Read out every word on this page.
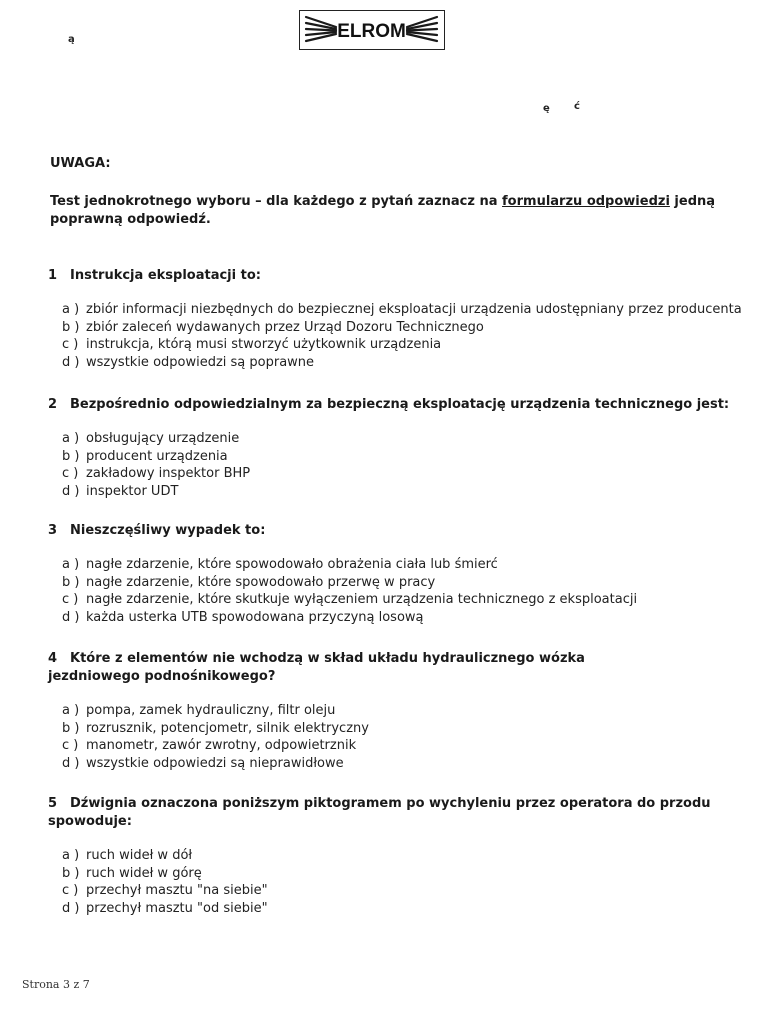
ą	ELROM
ę ć
UWAGA:
Test jednokrotnego wyboru – dla każdego z pytań zaznacz na formularzu odpowiedzi jedną poprawną odpowiedź.
1 Instrukcja eksploatacji to:
a ) zbiór informacji niezbędnych do bezpiecznej eksploatacji urządzenia udostępniany przez producenta
b ) zbiór zaleceń wydawanych przez Urząd Dozoru Technicznego
c ) instrukcja, którą musi stworzyć użytkownik urządzenia
d ) wszystkie odpowiedzi są poprawne
2 Bezpośrednio odpowiedzialnym za bezpieczną eksploatację urządzenia technicznego jest:
a ) obsługujący urządzenie
b ) producent urządzenia
c ) zakładowy inspektor BHP
d ) inspektor UDT
3 Nieszczęśliwy wypadek to:
a ) nagłe zdarzenie, które spowodowało obrażenia ciała lub śmierć
b ) nagłe zdarzenie, które spowodowało przerwę w pracy
c ) nagłe zdarzenie, które skutkuje wyłączeniem urządzenia technicznego z eksploatacji
d ) każda usterka UTB spowodowana przyczyną losową
4 Które z elementów nie wchodzą w skład układu hydraulicznego wózka jezdniowego podnośnikowego?
a ) pompa, zamek hydrauliczny, filtr oleju
b ) rozrusznik, potencjometr, silnik elektryczny
c ) manometr, zawór zwrotny, odpowietrznik
d ) wszystkie odpowiedzi są nieprawidłowe
5 Dźwignia oznaczona poniższym piktogramem po wychyleniu przez operatora do przodu spowoduje:
a ) ruch wideł w dół
b ) ruch wideł w górę
c ) przechył masztu "na siebie"
d ) przechył masztu "od siebie"
Strona 3 z 7
